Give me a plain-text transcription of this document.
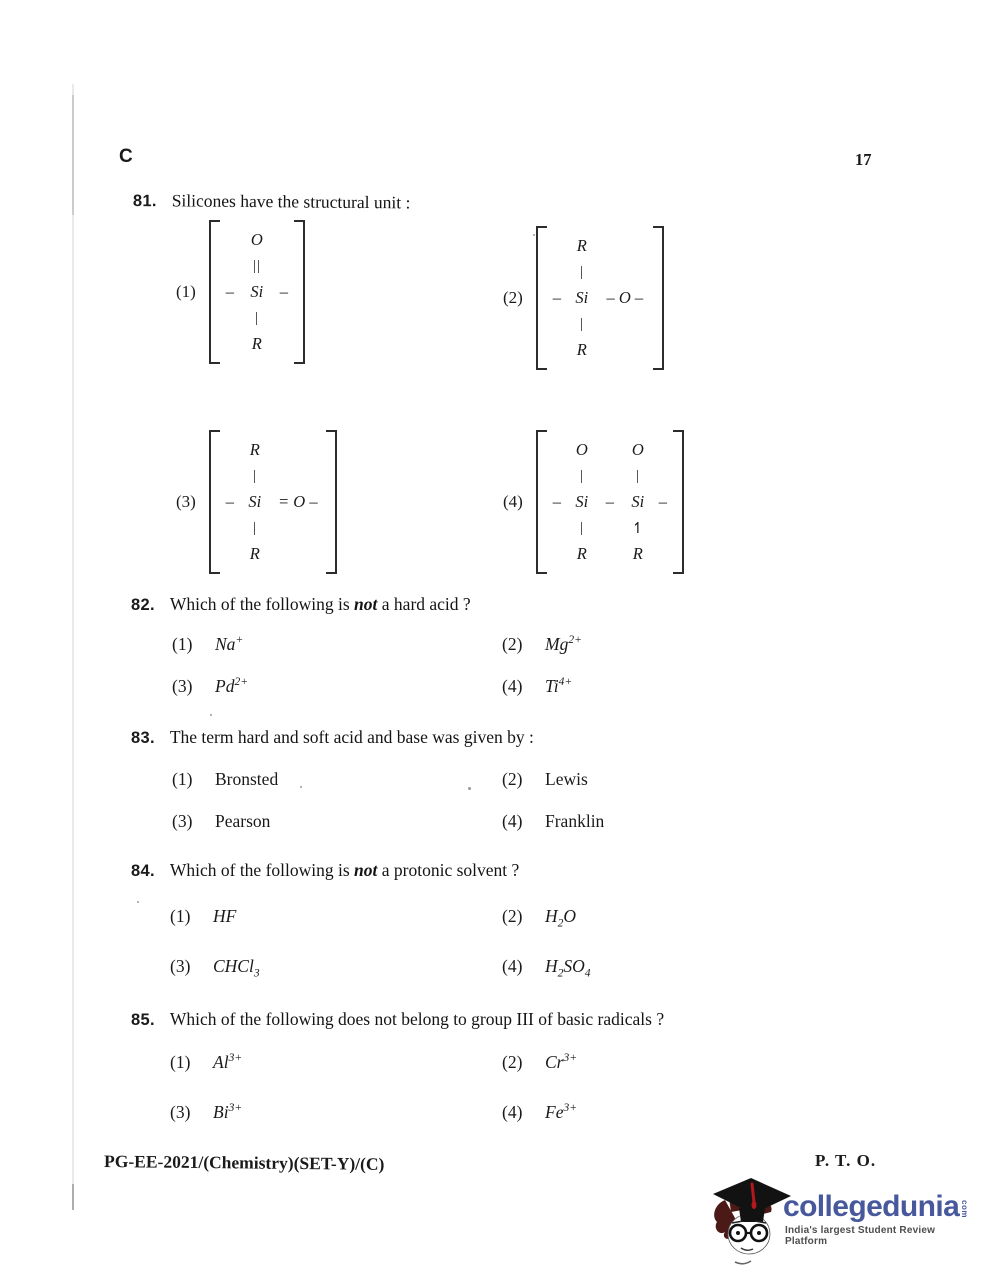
C	17
81. Silicones have the structural unit :
(1)
O
||
– Si –
|
R
(2)
R
|
– Si – O –
|
R
(3)
R
|
– Si = O –
|
R
(4)
O	O
|	|
– Si – Si –
|	↿
R	R
82. Which of the following is not a hard acid ?
(1)	Na+	(2)	$Mg^{2+}$
(3)	$Pd^{2+}$	(4)	$Ti^{4+}$
83. The term hard and soft acid and base was given by :
(1)	Bronsted	(2)	Lewis
(3)	Pearson	(4)	Franklin
84. Which of the following is not a protonic solvent ?
(1)	HF	(2)	$H_2O$
(3)	CHCl$_3$	(4)	$H_2SO_4$
85. Which of the following does not belong to group III of basic radicals ?
(1)	$Al^{3+}$	(2)	$Cr^{3+}$
(3)	$Bi^{3+}$	(4)	$Fe^{3+}$
PG-EE-2021/(Chemistry)(SET-Y)/(C)	P. T. O.
collegedunia com
India's largest Student Review Platform
